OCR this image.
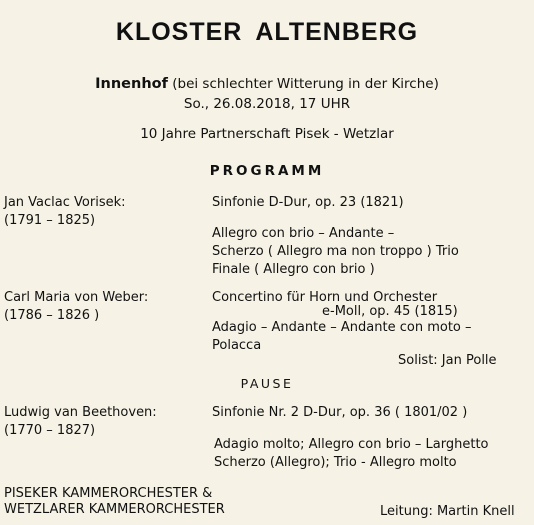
KLOSTER ALTENBERG
Innenhof (bei schlechter Witterung in der Kirche)
So., 26.08.2018, 17 UHR
10 Jahre Partnerschaft Pisek - Wetzlar
PROGRAMM
Jan Vaclac Vorisek:
(1791 – 1825)
Sinfonie D-Dur, op. 23 (1821)
Allegro con brio – Andante –
Scherzo ( Allegro ma non troppo ) Trio
Finale ( Allegro con brio )
Carl Maria von Weber:
(1786 – 1826 )
Concertino für Horn und Orchester
e-Moll, op. 45 (1815)
Adagio – Andante – Andante con moto –
Polacca
Solist: Jan Polle
PAUSE
Ludwig van Beethoven:
(1770 – 1827)
Sinfonie Nr. 2 D-Dur, op. 36 ( 1801/02 )
Adagio molto; Allegro con brio – Larghetto
Scherzo (Allegro); Trio - Allegro molto
PISEKER KAMMERORCHESTER &
WETZLARER KAMMERORCHESTER	Leitung: Martin Knell
